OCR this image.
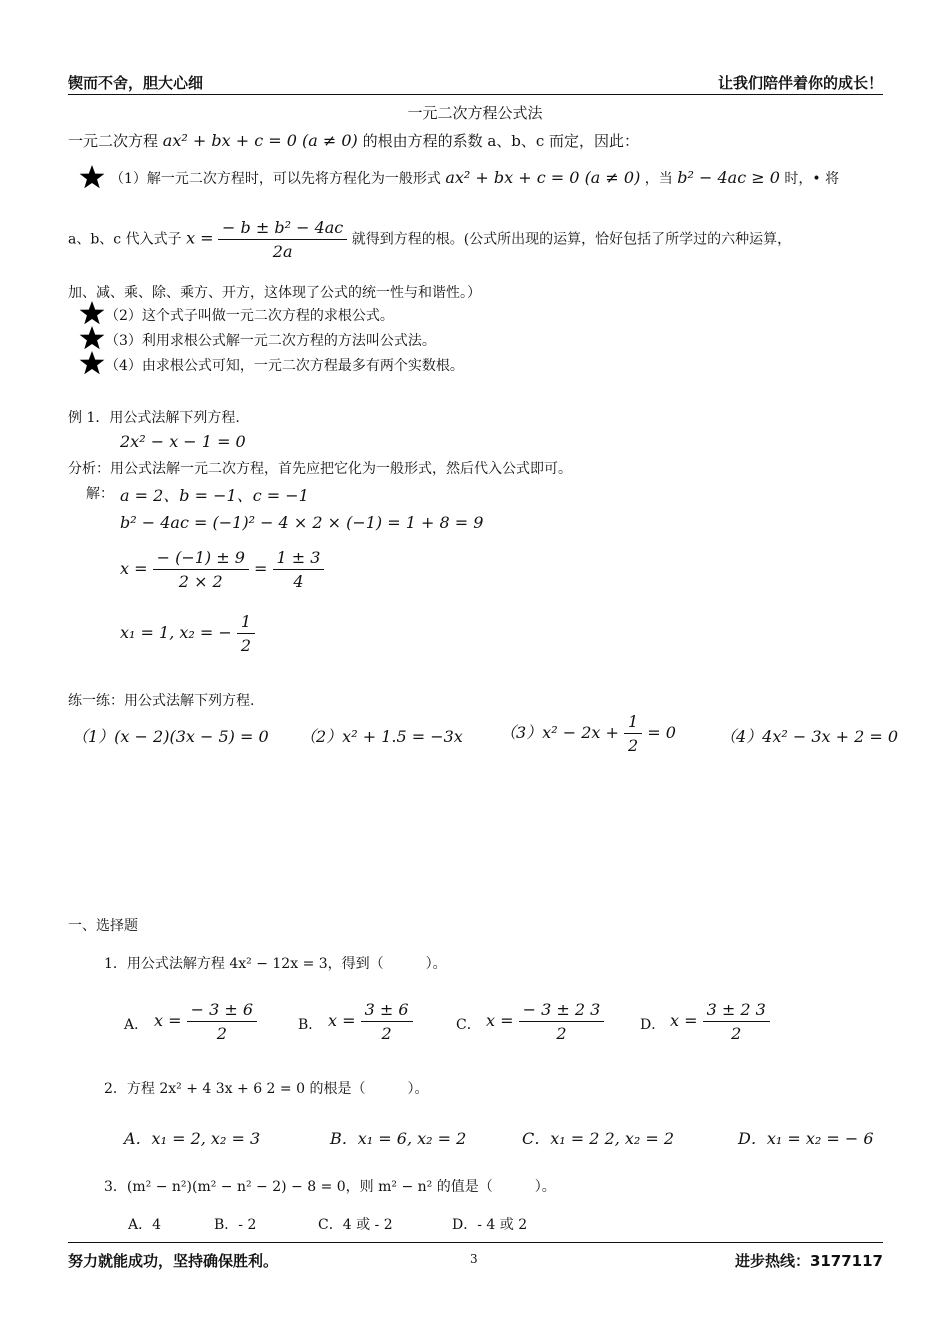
锲而不舍，胆大心细	让我们陪伴着你的成长！
一元二次方程公式法
一元二次方程 ax² + bx + c = 0 (a ≠ 0) 的根由方程的系数 a、b、c 而定，因此：
（1）解一元二次方程时，可以先将方程化为一般形式 ax² + bx + c = 0 (a ≠ 0) ，当 b² − 4ac ≥ 0 时，• 将
a、b、c 代入式子 $x = \frac{\text{− b ± b² − 4ac}}{2a}$ 就得到方程的根。(公式所出现的运算，恰好包括了所学过的六种运算，
加、减、乘、除、乘方、开方，这体现了公式的统一性与和谐性。）
（2）这个式子叫做一元二次方程的求根公式。
（3）利用求根公式解一元二次方程的方法叫公式法。
（4）由求根公式可知，一元二次方程最多有两个实数根。
例 1．用公式法解下列方程.
2x² − x − 1 = 0
分析：用公式法解一元二次方程，首先应把它化为一般形式，然后代入公式即可。
解： a = 2、b = −1、c = −1
b² − 4ac = (−1)² − 4 × 2 × (−1) = 1 + 8 = 9
$x = \frac{- (-1) \pm 9}{2 \times 2} = \frac{1 \pm 3}{4}$
x₁ = 1, x₂ = − $\frac{1}{2}$
练一练：用公式法解下列方程.
（1）(x − 2)(3x − 5) = 0 （2）x² + 1.5 = −3x $(3)x^2 - 2x + \frac{1}{2} = 0$	（4）4x² − 3x + 2 = 0
一、选择题
1．用公式法解方程 4x² − 12x = 3，得到（　　　）。
A． $x = \frac{- 3 \pm 6}{2}$	B． $x = \frac{3 \pm 6}{2}$	C． $x = \frac{- 3 \pm 2 3}{2}$	D． $x = \frac{3 \pm 2 3}{2}$
2．方程 2x² + 4 3x + 6 2 = 0 的根是（　　　）。
A．x₁ = 2, x₂ = 3	B．x₁ = 6, x₂ = 2	C．x₁ = 2 2, x₂ = 2	D．x₁ = x₂ = − 6
3．(m² − n²)(m² − n² − 2) − 8 = 0，则 m² − n² 的值是（　　　）。
A．4	B．- 2	C．4 或 - 2	D．- 4 或 2
努力就能成功，坚持确保胜利。	3	进步热线：3177117
